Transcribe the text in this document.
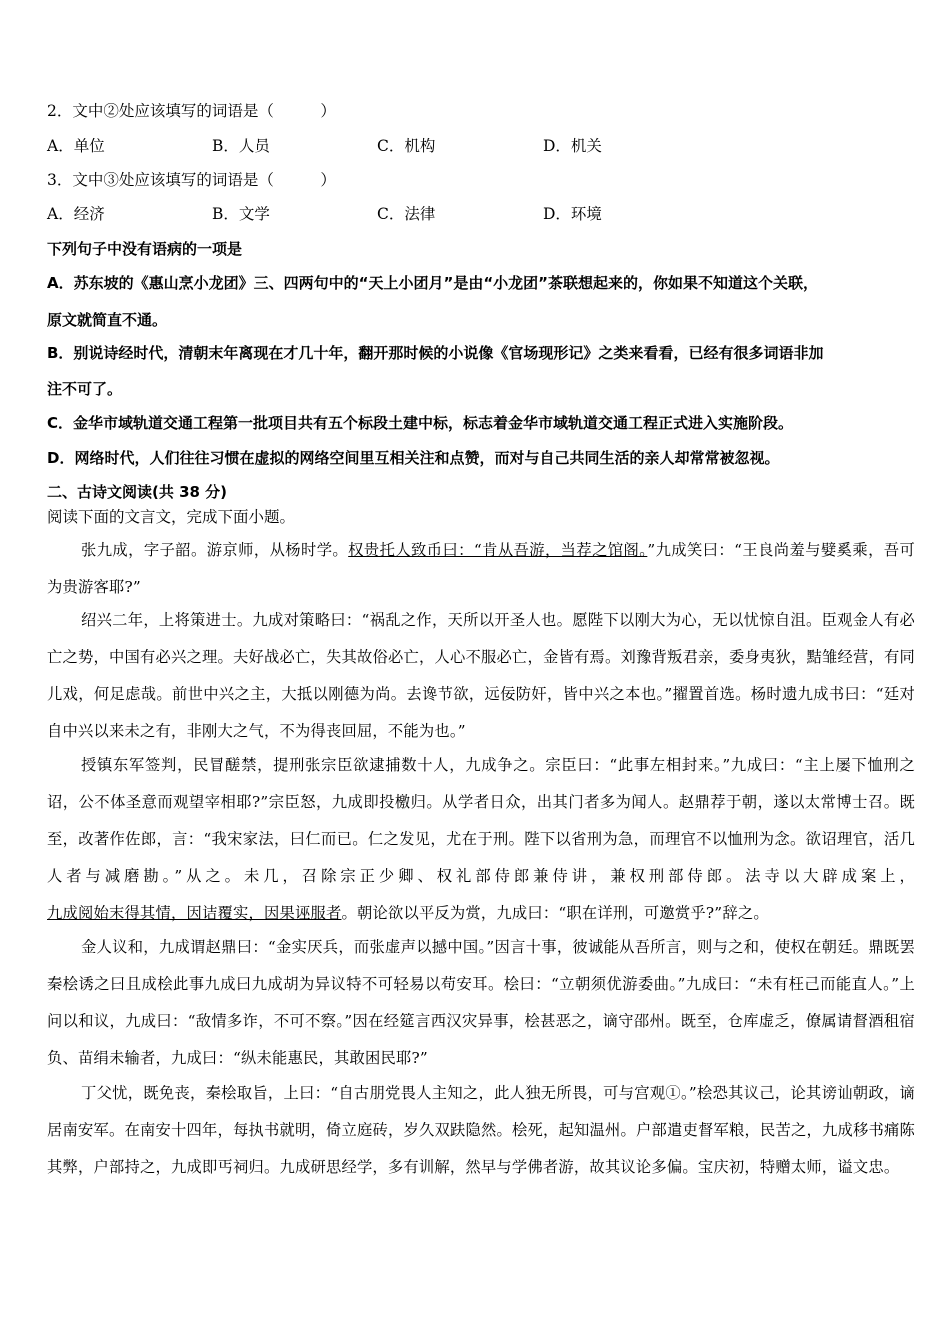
2．文中②处应该填写的词语是（　　　）
A．单位	B．人员	C．机构	D．机关
3．文中③处应该填写的词语是（　　　）
A．经济	B．文学	C．法律	D．环境
下列句子中没有语病的一项是
A．苏东坡的《惠山烹小龙团》三、四两句中的“天上小团月”是由“小龙团”茶联想起来的，你如果不知道这个关联，
原文就简直不通。
B．别说诗经时代，清朝末年离现在才几十年，翻开那时候的小说像《官场现形记》之类来看看，已经有很多词语非加
注不可了。
C．金华市域轨道交通工程第一批项目共有五个标段土建中标，标志着金华市域轨道交通工程正式进入实施阶段。
D．网络时代，人们往往习惯在虚拟的网络空间里互相关注和点赞，而对与自己共同生活的亲人却常常被忽视。
二、古诗文阅读(共 38 分)
阅读下面的文言文，完成下面小题。
张九成，字子韶。游京师，从杨时学。权贵托人致币曰：“肯从吾游，当荐之馆阁。”九成笑曰：“王良尚羞与嬖奚乘，吾可为贵游客耶?”
绍兴二年，上将策进士。九成对策略曰：“祸乱之作，天所以开圣人也。愿陛下以刚大为心，无以忧惊自沮。臣观金人有必亡之势，中国有必兴之理。夫好战必亡，失其故俗必亡，人心不服必亡，金皆有焉。刘豫背叛君亲，委身夷狄，黠雏经营，有同儿戏，何足虑哉。前世中兴之主，大抵以刚德为尚。去谗节欲，远佞防奸，皆中兴之本也。”擢置首选。杨时遗九成书曰：“廷对自中兴以来未之有，非刚大之气，不为得丧回屈，不能为也。”
授镇东军签判，民冒醝禁，提刑张宗臣欲逮捕数十人，九成争之。宗臣曰：“此事左相封来。”九成曰：“主上屡下恤刑之诏，公不体圣意而观望宰相耶?”宗臣怒，九成即投檄归。从学者日众，出其门者多为闻人。赵鼎荐于朝，遂以太常博士召。既至，改著作佐郎，言：“我宋家法，曰仁而已。仁之发见，尤在于刑。陛下以省刑为急，而理官不以恤刑为念。欲诏理官，活几人者与减磨勘。”从之。未几，召除宗正少卿、权礼部侍郎兼侍讲，兼权刑部侍郎。法寺以大辟成案上，九成阅始末得其情，因诘覆实，因果诬服者。朝论欲以平反为赏，九成曰：“职在详刑，可邀赏乎?”辞之。
金人议和，九成谓赵鼎曰：“金实厌兵，而张虚声以撼中国。”因言十事，彼诚能从吾所言，则与之和，使权在朝廷。鼎既罢秦桧诱之曰且成桧此事九成曰九成胡为异议特不可轻易以苟安耳。桧曰：“立朝须优游委曲。”九成曰：“未有枉己而能直人。”上问以和议，九成曰：“敌情多诈，不可不察。”因在经筵言西汉灾异事，桧甚恶之，谪守邵州。既至，仓库虚乏，僚属请督酒租宿负、苗绢未输者，九成曰：“纵未能惠民，其敢困民耶?”
丁父忧，既免丧，秦桧取旨，上曰：“自古朋党畏人主知之，此人独无所畏，可与宫观①。”桧恐其议己，论其谤讪朝政，谪居南安军。在南安十四年，每执书就明，倚立庭砖，岁久双趺隐然。桧死，起知温州。户部遣吏督军粮，民苦之，九成移书痛陈其弊，户部持之，九成即丐祠归。九成研思经学，多有训解，然早与学佛者游，故其议论多偏。宝庆初，特赠太师，谥文忠。
